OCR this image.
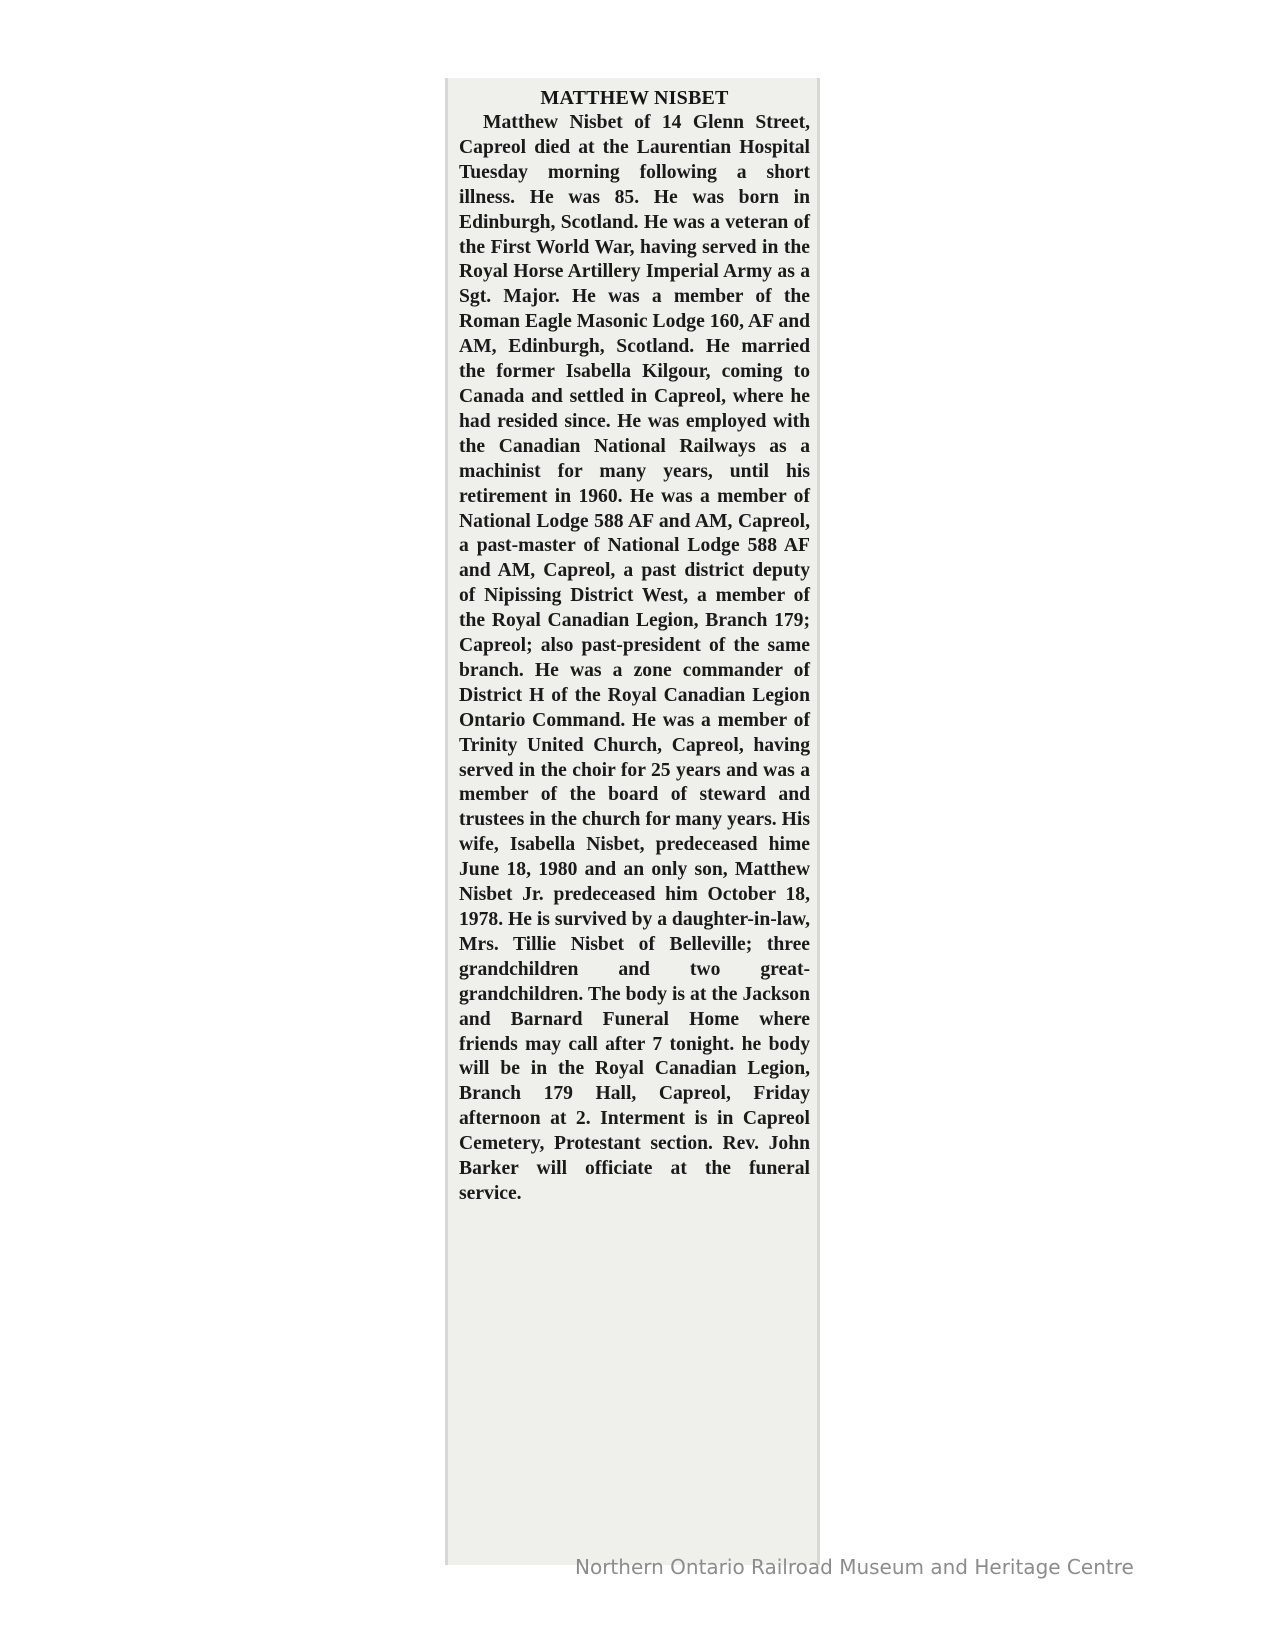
MATTHEW NISBET

Matthew Nisbet of 14 Glenn Street, Capreol died at the Laurentian Hospital Tuesday morning following a short illness. He was 85. He was born in Edinburgh, Scotland. He was a veteran of the First World War, having served in the Royal Horse Artillery Imperial Army as a Sgt. Major. He was a member of the Roman Eagle Masonic Lodge 160, AF and AM, Edinburgh, Scotland. He married the former Isabella Kilgour, coming to Canada and settled in Capreol, where he had resided since. He was employed with the Canadian National Railways as a machinist for many years, until his retirement in 1960. He was a member of National Lodge 588 AF and AM, Capreol, a past-master of National Lodge 588 AF and AM, Capreol, a past district deputy of Nipissing District West, a member of the Royal Canadian Legion, Branch 179; Capreol; also past-president of the same branch. He was a zone commander of District H of the Royal Canadian Legion Ontario Command. He was a member of Trinity United Church, Capreol, having served in the choir for 25 years and was a member of the board of steward and trustees in the church for many years. His wife, Isabella Nisbet, predeceased hime June 18, 1980 and an only son, Matthew Nisbet Jr. predeceased him October 18, 1978. He is survived by a daughter-in-law, Mrs. Tillie Nisbet of Belleville; three grandchildren and two great-grandchildren. The body is at the Jackson and Barnard Funeral Home where friends may call after 7 tonight. he body will be in the Royal Canadian Legion, Branch 179 Hall, Capreol, Friday afternoon at 2. Interment is in Capreol Cemetery, Protestant section. Rev. John Barker will officiate at the funeral service.

Northern Ontario Railroad Museum and Heritage Centre
